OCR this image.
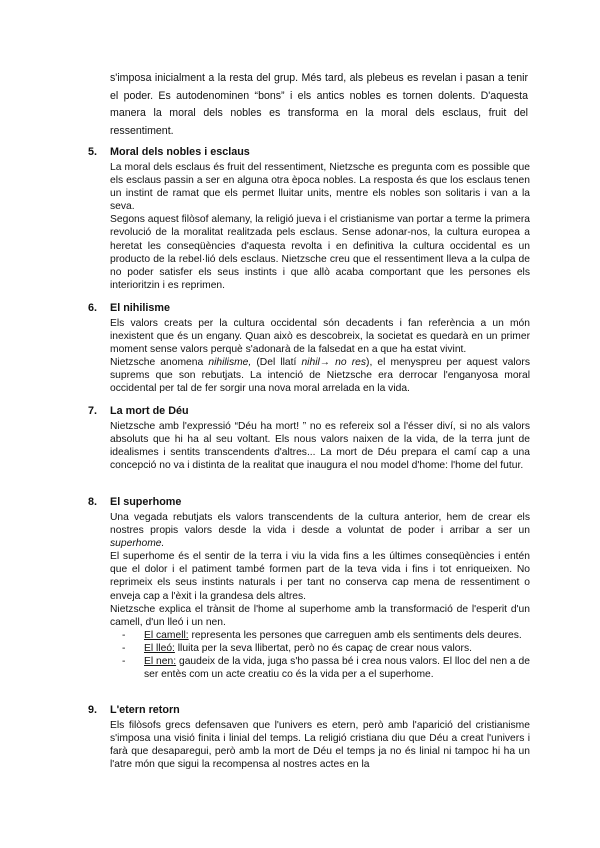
s'imposa inicialment a la resta del grup. Més tard, als plebeus es revelan i pasan a tenir el poder. Es autodenominen “bons” i els antics nobles es tornen dolents. D'aquesta manera la moral dels nobles es transforma en la moral dels esclaus, fruit del ressentiment.

5.	Moral dels nobles i esclaus

La moral dels esclaus és fruit del ressentiment, Nietzsche es pregunta com es possible que els esclaus passin a ser en alguna otra època nobles. La resposta és que los esclaus tenen un instint de ramat que els permet lluitar units, mentre els nobles son solitaris i van a la seva.

Segons aquest filòsof alemany, la religió jueva i el cristianisme van portar a terme la primera revolució de la moralitat realitzada pels esclaus. Sense adonar-nos, la cultura europea a heretat les conseqüències d'aquesta revolta i en definitiva la cultura occidental es un producto de la rebel·lió dels esclaus. Nietzsche creu que el ressentiment lleva a la culpa de no poder satisfer els seus instints i que allò acaba comportant que les persones els interioritzin i es reprimen.

6.	El nihilisme

Els valors creats per la cultura occidental són decadents i fan referència a un món inexistent que és un engany. Quan això es descobreix, la societat es quedarà en un primer moment sense valors perquè s'adonarà de la falsedat en a que ha estat vivint.

Nietzsche anomena nihilisme, (Del llatí nihil→ no res), el menyspreu per aquest valors suprems que son rebutjats. La intenció de Nietzsche era derrocar l'enganyosa moral occidental per tal de fer sorgir una nova moral arrelada en la vida.

7.	La mort de Déu

Nietzsche amb l'expressió “Déu ha mort! ” no es refereix sol a l'ésser diví, si no als valors absoluts que hi ha al seu voltant. Els nous valors naixen de la vida, de la terra junt de idealismes i sentits transcendents d'altres... La mort de Déu prepara el camí cap a una concepció no va i distinta de la realitat que inaugura el nou model d'home: l'home del futur.

8.	El superhome

Una vegada rebutjats els valors transcendents de la cultura anterior, hem de crear els nostres propis valors desde la vida i desde a voluntat de poder i arribar a ser un superhome.

El superhome és el sentir de la terra i viu la vida fins a les últimes conseqüències i entén que el dolor i el patiment també formen part de la teva vida i fins i tot enriqueixen. No reprimeix els seus instints naturals i per tant no conserva cap mena de ressentiment o enveja cap a l'èxit i la grandesa dels altres.

Nietzsche explica el trànsit de l'home al superhome amb la transformació de l'esperit d'un camell, d'un lleó i un nen.

-	El camell: representa les persones que carreguen amb els sentiments dels deures.
-	El lleó: lluita per la seva llibertat, però no és capaç de crear nous valors.
-	El nen: gaudeix de la vida, juga s'ho passa bé i crea nous valors. El lloc del nen a de ser entès com un acte creatiu co és la vida per a el superhome.
9.	L'etern retorn

Els filòsofs grecs defensaven que l'univers es etern, però amb l'aparició del cristianisme s'imposa una visió finita i linial del temps. La religió cristiana diu que Déu a creat l'univers i farà que desaparegui, però amb la mort de Déu el temps ja no és linial ni tampoc hi ha un l'atre món que sigui la recompensa al nostres actes en la
